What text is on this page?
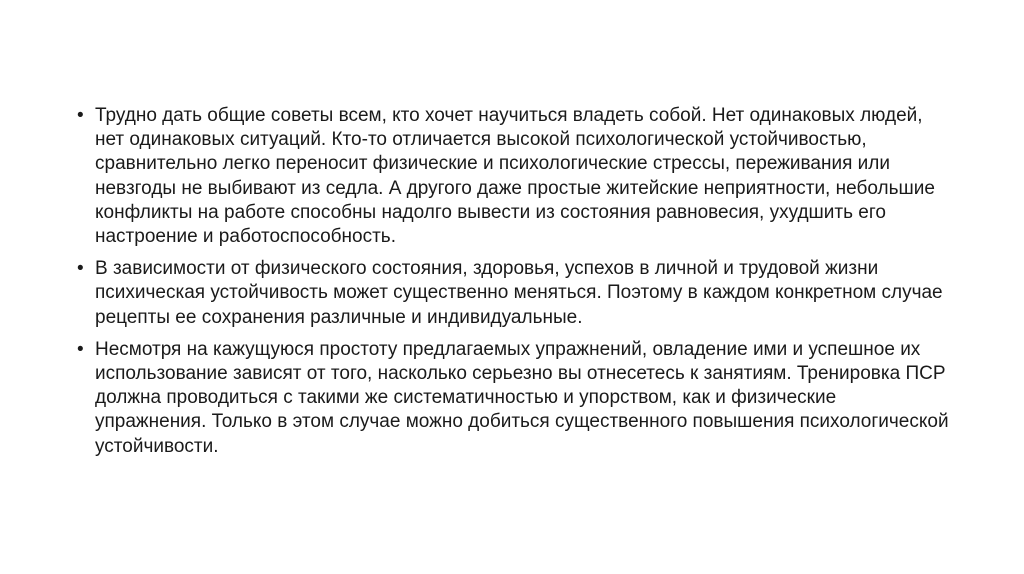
• Трудно дать общие советы всем, кто хочет научиться владеть собой. Нет одинаковых людей, нет одинаковых ситуаций. Кто-то отличается высокой психологической устойчивостью, сравнительно легко переносит физические и психологические стрессы, переживания или невзгоды не выбивают из седла. А другого даже простые житейские неприятности, небольшие конфликты на работе способны надолго вывести из состояния равновесия, ухудшить его настроение и работоспособность.
• В зависимости от физического состояния, здоровья, успехов в личной и трудовой жизни психическая устойчивость может существенно меняться. Поэтому в каждом конкретном случае рецепты ее сохранения различные и индивидуальные.
• Несмотря на кажущуюся простоту предлагаемых упражнений, овладение ими и успешное их использование зависят от того, насколько серьезно вы отнесетесь к занятиям. Тренировка ПСР должна проводиться с такими же систематичностью и упорством, как и физические упражнения. Только в этом случае можно добиться существенного повышения психологической устойчивости.
